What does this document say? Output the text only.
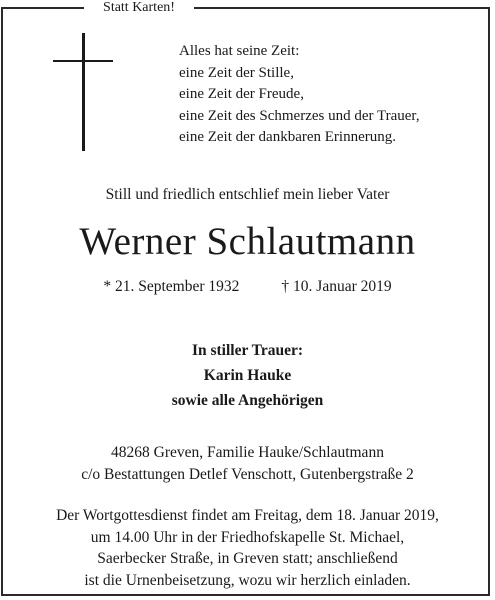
Statt Karten!
Alles hat seine Zeit:
eine Zeit der Stille,
eine Zeit der Freude,
eine Zeit des Schmerzes und der Trauer,
eine Zeit der dankbaren Erinnerung.
Still und friedlich entschlief mein lieber Vater
Werner Schlautmann
* 21. September 1932	† 10. Januar 2019
In stiller Trauer:
Karin Hauke
sowie alle Angehörigen
48268 Greven, Familie Hauke/Schlautmann
c/o Bestattungen Detlef Venschott, Gutenbergstraße 2
Der Wortgottesdienst findet am Freitag, dem 18. Januar 2019,
um 14.00 Uhr in der Friedhofskapelle St. Michael,
Saerbecker Straße, in Greven statt; anschließend
ist die Urnenbeisetzung, wozu wir herzlich einladen.
